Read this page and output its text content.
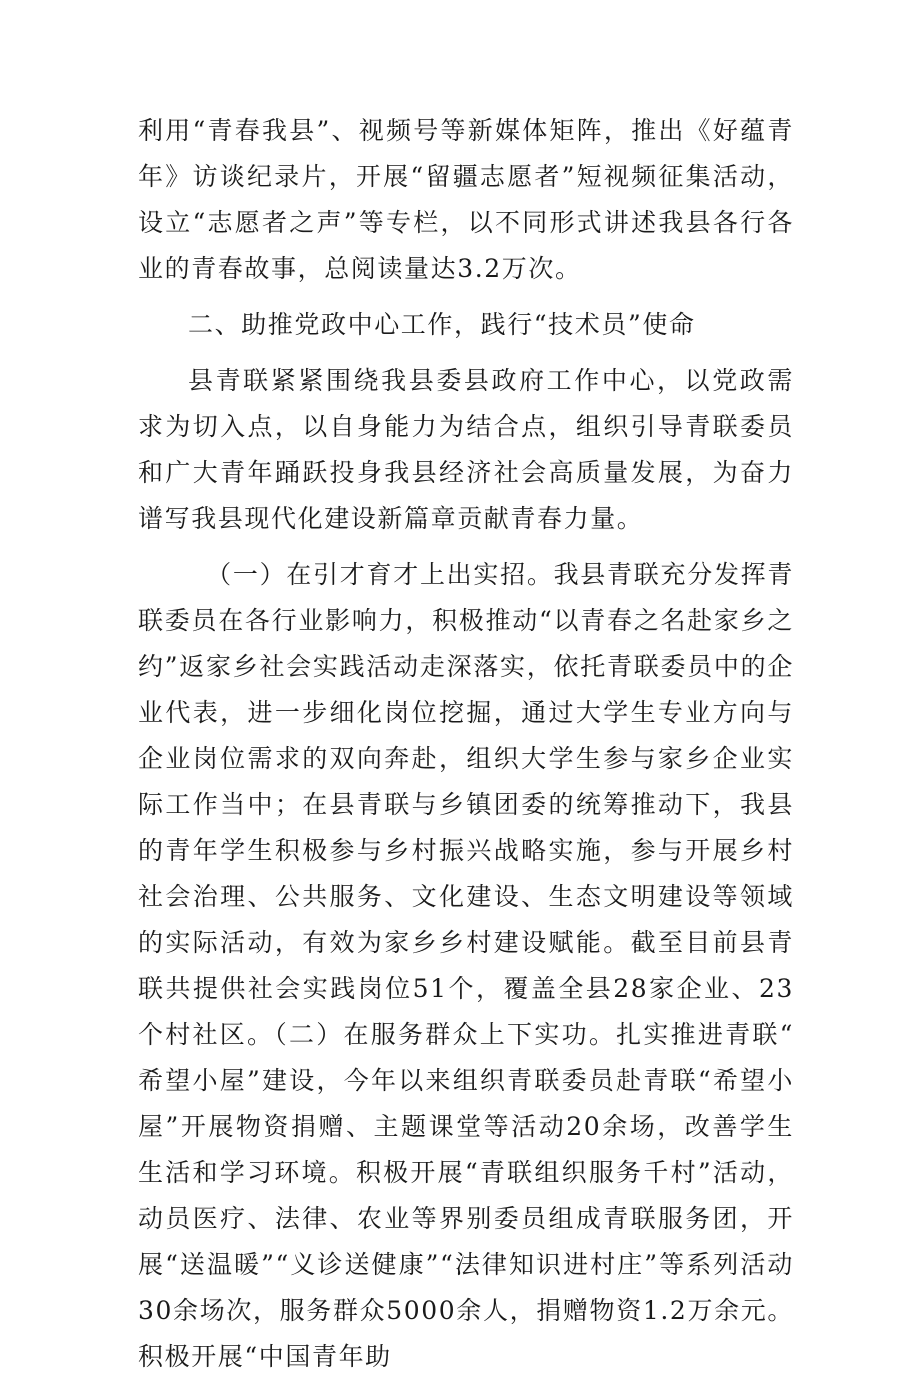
利用“青春我县”、视频号等新媒体矩阵，推出《好蕴青年》访谈纪录片，开展“留疆志愿者”短视频征集活动，设立“志愿者之声”等专栏，以不同形式讲述我县各行各业的青春故事，总阅读量达3.2万次。

二、助推党政中心工作，践行“技术员”使命

县青联紧紧围绕我县委县政府工作中心，以党政需求为切入点，以自身能力为结合点，组织引导青联委员和广大青年踊跃投身我县经济社会高质量发展，为奋力谱写我县现代化建设新篇章贡献青春力量。

（一）在引才育才上出实招。我县青联充分发挥青联委员在各行业影响力，积极推动“以青春之名赴家乡之约”返家乡社会实践活动走深落实，依托青联委员中的企业代表，进一步细化岗位挖掘，通过大学生专业方向与企业岗位需求的双向奔赴，组织大学生参与家乡企业实际工作当中；在县青联与乡镇团委的统筹推动下，我县的青年学生积极参与乡村振兴战略实施，参与开展乡村社会治理、公共服务、文化建设、生态文明建设等领域的实际活动，有效为家乡乡村建设赋能。截至目前县青联共提供社会实践岗位51个，覆盖全县28家企业、23个村社区。（二）在服务群众上下实功。扎实推进青联“希望小屋”建设，今年以来组织青联委员赴青联“希望小屋”开展物资捐赠、主题课堂等活动20余场，改善学生生活和学习环境。积极开展“青联组织服务千村”活动，动员医疗、法律、农业等界别委员组成青联服务团，开展“送温暖”“义诊送健康”“法律知识进村庄”等系列活动30余场次，服务群众5000余人，捐赠物资1.2万余元。积极开展“中国青年助
